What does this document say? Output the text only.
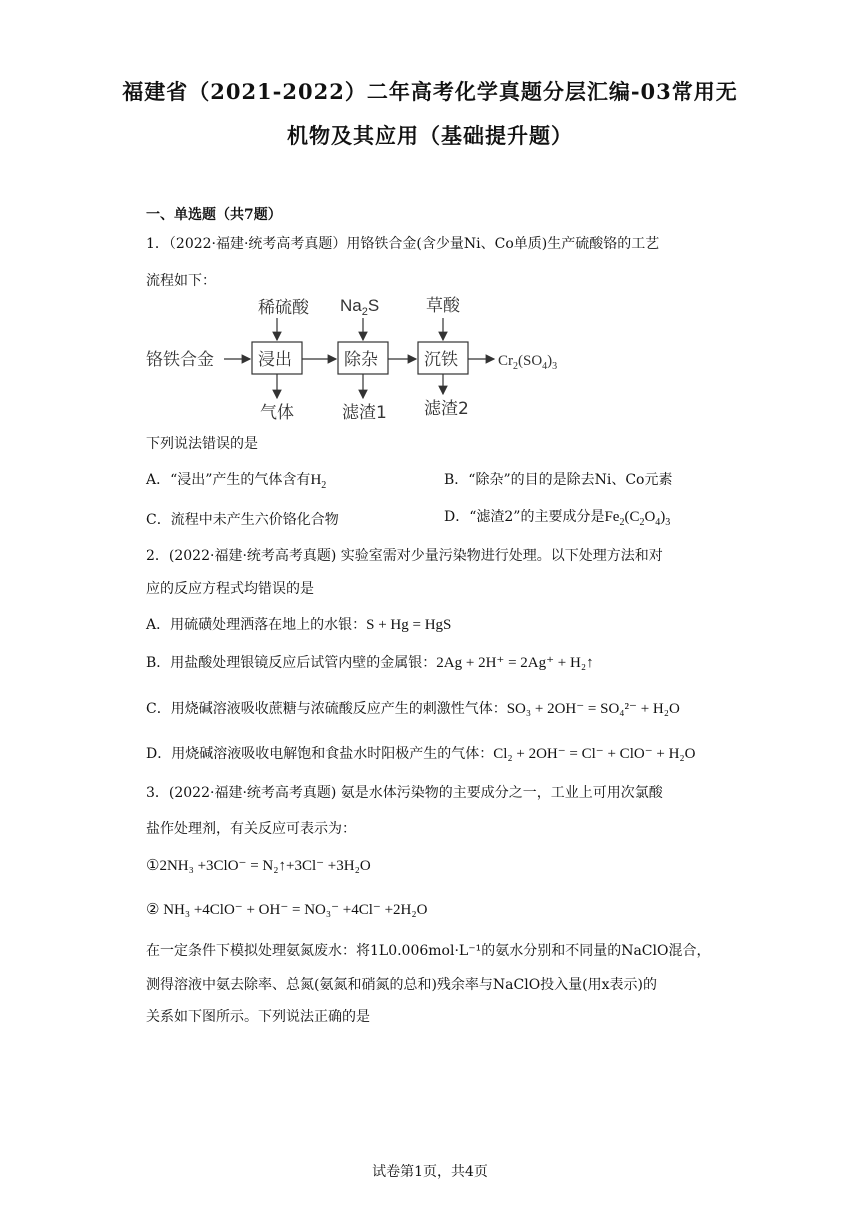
福建省（2021-2022）二年高考化学真题分层汇编-03常用无
机物及其应用（基础提升题）
一、单选题（共7题）
1．（2022·福建·统考高考真题）用铬铁合金(含少量Ni、Co单质)生产硫酸铬的工艺
流程如下：
铬铁合金	浸出	除杂	沉铁	$Cr_2(SO_4)_3$
稀硫酸 $Na_2S$	草酸
气体	滤渣1 滤渣2
下列说法错误的是
A．“浸出”产生的气体含有$H_2$	B．“除杂”的目的是除去Ni、Co元素
C．流程中未产生六价铬化合物	D．“滤渣2”的主要成分是$Fe_2(C_2O_4)_3$
2．(2022·福建·统考高考真题) 实验室需对少量污染物进行处理。以下处理方法和对
应的反应方程式均错误的是
A．用硫磺处理洒落在地上的水银：S + Hg = HgS
B．用盐酸处理银镜反应后试管内壁的金属银：2Ag + 2H⁺ = 2Ag⁺ + H₂↑
C．用烧碱溶液吸收蔗糖与浓硫酸反应产生的刺激性气体：SO₃ + 2OH⁻ = SO₄²⁻ + H₂O
D．用烧碱溶液吸收电解饱和食盐水时阳极产生的气体：Cl₂ + 2OH⁻ = Cl⁻ + ClO⁻ + H₂O
3．(2022·福建·统考高考真题) 氨是水体污染物的主要成分之一，工业上可用次氯酸
盐作处理剂，有关反应可表示为：
①2NH₃ +3ClO⁻ = N₂↑+3Cl⁻ +3H₂O
② NH₃ +4ClO⁻ + OH⁻ = NO₃⁻ +4Cl⁻ +2H₂O
在一定条件下模拟处理氨氮废水：将1L0.006mol·L⁻¹的氨水分别和不同量的NaClO混合，
测得溶液中氨去除率、总氮(氨氮和硝氮的总和)残余率与NaClO投入量(用x表示)的
关系如下图所示。下列说法正确的是
试卷第1页，共4页
